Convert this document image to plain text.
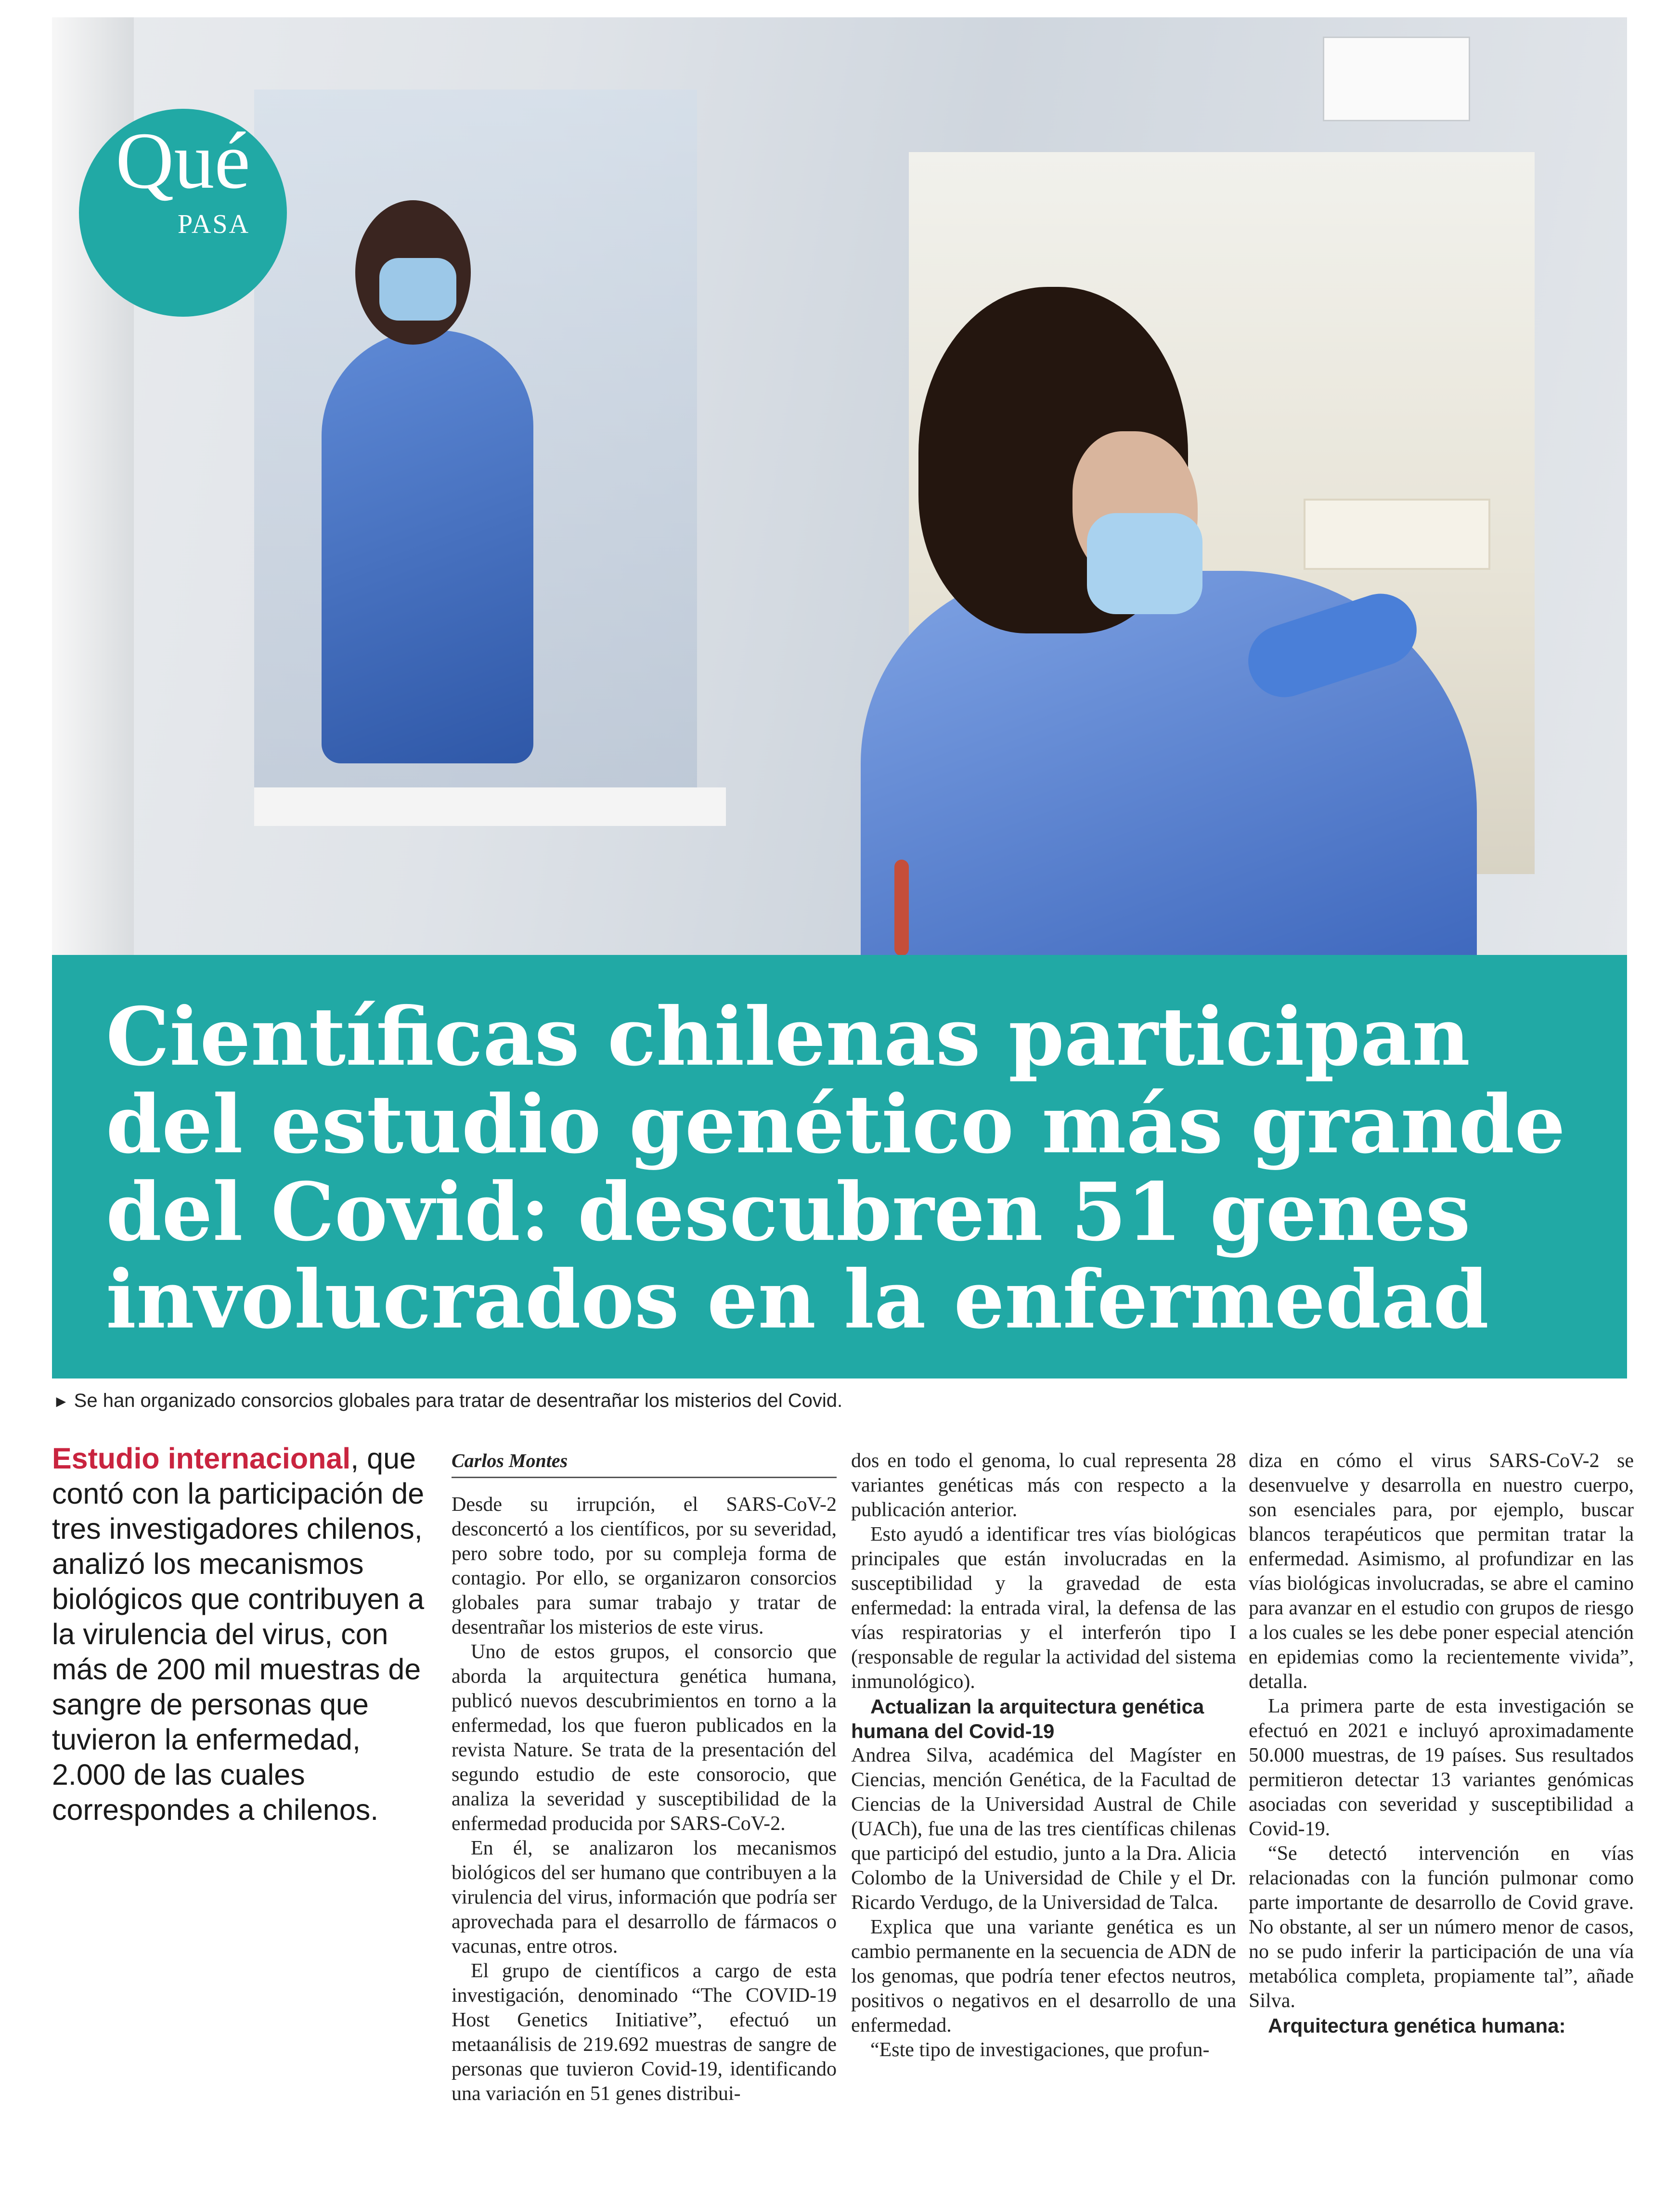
Qué
PASA
Científicas chilenas participan
del estudio genético más grande
del Covid: descubren 51 genes
involucrados en la enfermedad
► Se han organizado consorcios globales para tratar de desentrañar los misterios del Covid.

Estudio internacional, que contó con la participación de tres investigadores chilenos, analizó los mecanismos biológicos que contribuyen a la virulencia del virus, con más de 200 mil muestras de sangre de personas que tuvieron la enfermedad, 2.000 de las cuales correspondes a chilenos.

Carlos Montes

Desde su irrupción, el SARS-CoV-2 desconcertó a los científicos, por su severidad, pero sobre todo, por su compleja forma de contagio. Por ello, se organizaron consorcios globales para sumar trabajo y tratar de desentrañar los misterios de este virus.

Uno de estos grupos, el consorcio que aborda la arquitectura genética humana, publicó nuevos descubrimientos en torno a la enfermedad, los que fueron publicados en la revista Nature. Se trata de la presentación del segundo estudio de este consorocio, que analiza la severidad y susceptibilidad de la enfermedad producida por SARS-CoV-2.

En él, se analizaron los mecanismos biológicos del ser humano que contribuyen a la virulencia del virus, información que podría ser aprovechada para el desarrollo de fármacos o vacunas, entre otros.

El grupo de científicos a cargo de esta investigación, denominado “The COVID-19 Host Genetics Initiative”, efectuó un metaanálisis de 219.692 muestras de sangre de personas que tuvieron Covid-19, identificando una variación en 51 genes distribui-

dos en todo el genoma, lo cual representa 28 variantes genéticas más con respecto a la publicación anterior.

Esto ayudó a identificar tres vías biológicas principales que están involucradas en la susceptibilidad y la gravedad de esta enfermedad: la entrada viral, la defensa de las vías respiratorias y el interferón tipo I (responsable de regular la actividad del sistema inmunológico).

Actualizan la arquitectura genética humana del Covid-19

Andrea Silva, académica del Magíster en Ciencias, mención Genética, de la Facultad de Ciencias de la Universidad Austral de Chile (UACh), fue una de las tres científicas chilenas que participó del estudio, junto a la Dra. Alicia Colombo de la Universidad de Chile y el Dr. Ricardo Verdugo, de la Universidad de Talca.

Explica que una variante genética es un cambio permanente en la secuencia de ADN de los genomas, que podría tener efectos neutros, positivos o negativos en el desarrollo de una enfermedad.

“Este tipo de investigaciones, que profun-

diza en cómo el virus SARS-CoV-2 se desenvuelve y desarrolla en nuestro cuerpo, son esenciales para, por ejemplo, buscar blancos terapéuticos que permitan tratar la enfermedad. Asimismo, al profundizar en las vías biológicas involucradas, se abre el camino para avanzar en el estudio con grupos de riesgo a los cuales se les debe poner especial atención en epidemias como la recientemente vivida”, detalla.

La primera parte de esta investigación se efectuó en 2021 e incluyó aproximadamente 50.000 muestras, de 19 países. Sus resultados permitieron detectar 13 variantes genómicas asociadas con severidad y susceptibilidad a Covid-19.

“Se detectó intervención en vías relacionadas con la función pulmonar como parte importante de desarrollo de Covid grave. No obstante, al ser un número menor de casos, no se pudo inferir la participación de una vía metabólica completa, propiamente tal”, añade Silva.

Arquitectura genética humana:
